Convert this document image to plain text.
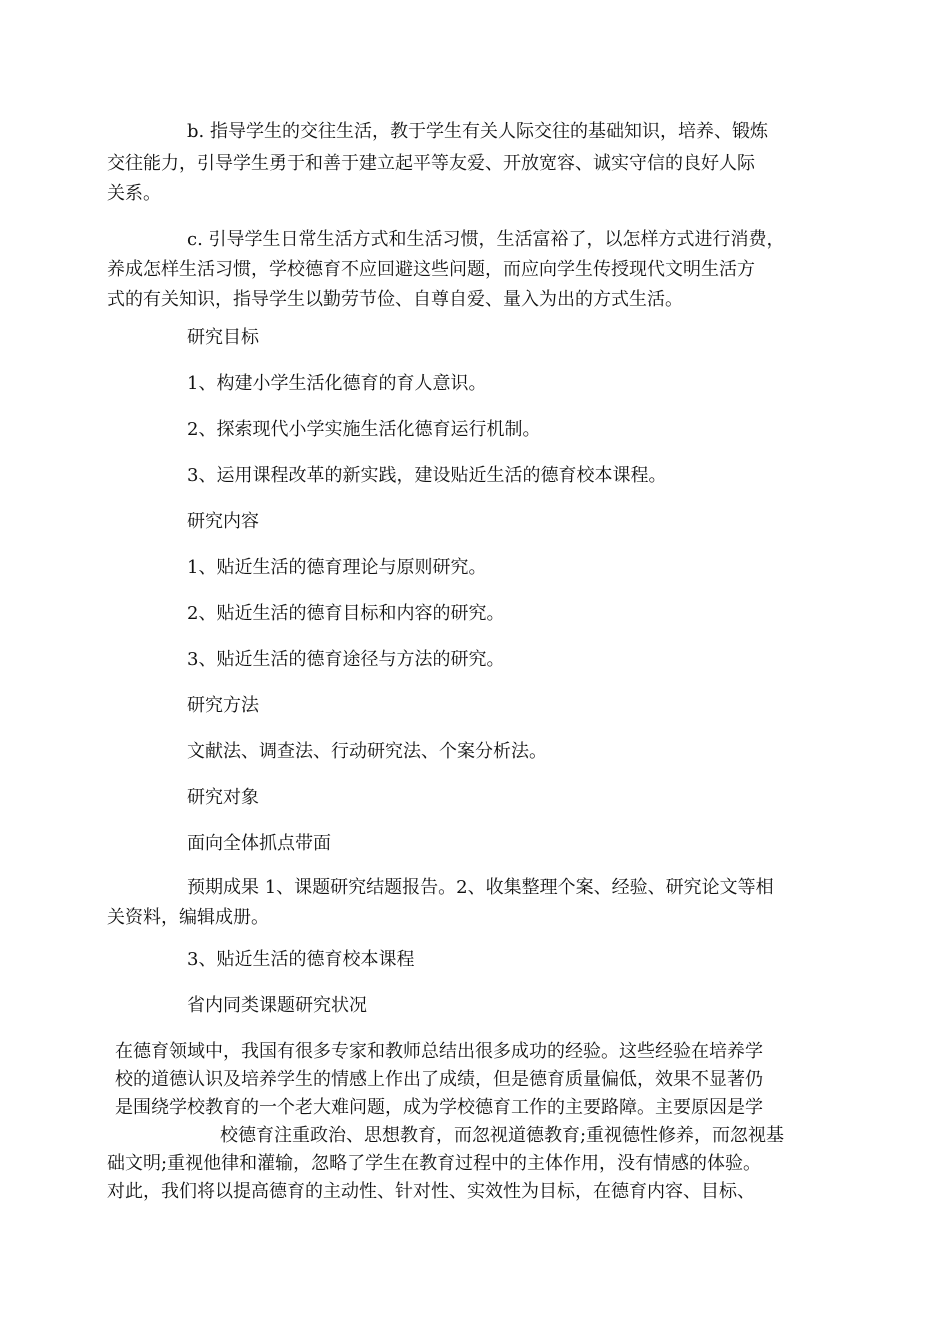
b. 指导学生的交往生活，教于学生有关人际交往的基础知识，培养、锻炼
交往能力，引导学生勇于和善于建立起平等友爱、开放宽容、诚实守信的良好人际
关系。
c. 引导学生日常生活方式和生活习惯，生活富裕了，以怎样方式进行消费，
养成怎样生活习惯，学校德育不应回避这些问题，而应向学生传授现代文明生活方
式的有关知识，指导学生以勤劳节俭、自尊自爱、量入为出的方式生活。
研究目标
1、构建小学生活化德育的育人意识。
2、探索现代小学实施生活化德育运行机制。
3、运用课程改革的新实践，建设贴近生活的德育校本课程。
研究内容
1、贴近生活的德育理论与原则研究。
2、贴近生活的德育目标和内容的研究。
3、贴近生活的德育途径与方法的研究。
研究方法
文献法、调查法、行动研究法、个案分析法。
研究对象
面向全体抓点带面
预期成果 1、课题研究结题报告。2、收集整理个案、经验、研究论文等相
关资料，编辑成册。
3、贴近生活的德育校本课程
省内同类课题研究状况
在德育领域中，我国有很多专家和教师总结出很多成功的经验。这些经验在培养学
校的道德认识及培养学生的情感上作出了成绩，但是德育质量偏低，效果不显著仍
是围绕学校教育的一个老大难问题，成为学校德育工作的主要路障。主要原因是学
校德育注重政治、思想教育，而忽视道德教育;重视德性修养，而忽视基
础文明;重视他律和灌输，忽略了学生在教育过程中的主体作用，没有情感的体验。
对此，我们将以提高德育的主动性、针对性、实效性为目标，在德育内容、目标、
